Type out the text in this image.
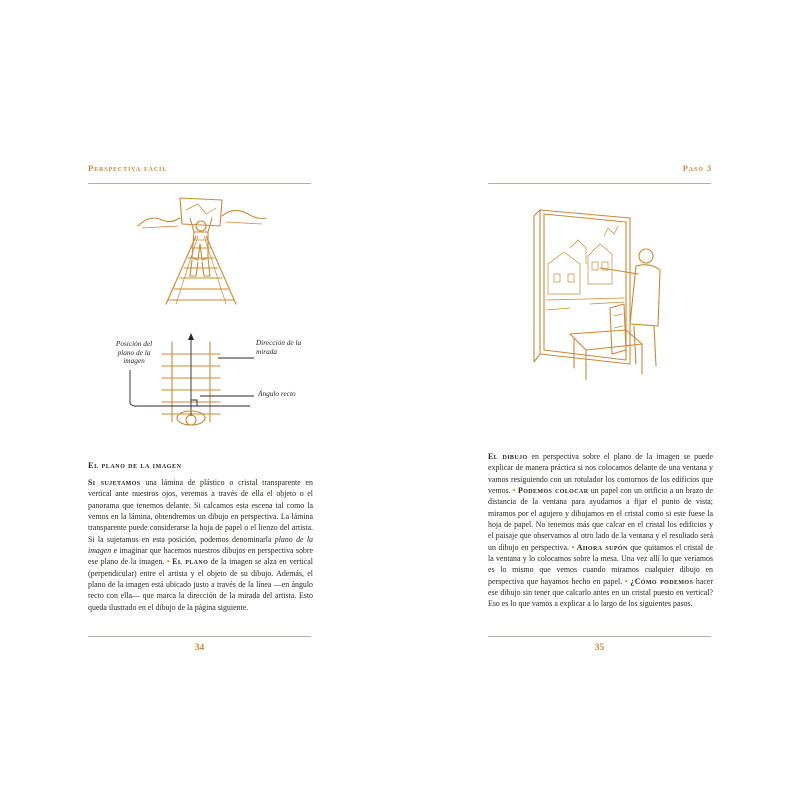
Perspectiva fácil
Posición del plano de la imagen
Dirección de la mirada
Ángulo recto
El plano de la imagen

Si sujetamos una lámina de plástico o cristal transparente en vertical ante nuestros ojos, veremos a través de ella el objeto o el panorama que tenemos delante. Si calcamos esta escena tal como la vemos en la lámina, obtendremos un dibujo en perspectiva. La lámina transparente puede considerarse la hoja de papel o el lienzo del artista. Si la sujetamos en esta posición, podemos denominarla plano de la imagen e imaginar que hacemos nuestros dibujos en perspectiva sobre ese plano de la imagen. • El plano de la imagen se alza en vertical (perpendicular) entre el artista y el objeto de su dibujo. Además, el plano de la imagen está ubicado justo a través de la línea —en ángulo recto con ella— que marca la dirección de la mirada del artista. Esto queda ilustrado en el dibujo de la página siguiente.

34
Paso 3

El dibujo en perspectiva sobre el plano de la imagen se puede explicar de manera práctica si nos colocamos delante de una ventana y vamos resiguiendo con un rotulador los contornos de los edificios que vemos. • Podemos colocar un papel con un orificio a un brazo de distancia de la ventana para ayudarnos a fijar el punto de vista; miramos por el agujero y dibujamos en el cristal como si este fuese la hoja de papel. No tenemos más que calcar en el cristal los edificios y el paisaje que observamos al otro lado de la ventana y el resultado será un dibujo en perspectiva. • Ahora supón que quitamos el cristal de la ventana y lo colocamos sobre la mesa. Una vez allí lo que veríamos es lo mismo que vemos cuando miramos cualquier dibujo en perspectiva que hayamos hecho en papel. • ¿Cómo podemos hacer ese dibujo sin tener que calcarlo antes en un cristal puesto en vertical? Eso es lo que vamos a explicar a lo largo de los siguientes pasos.

35
